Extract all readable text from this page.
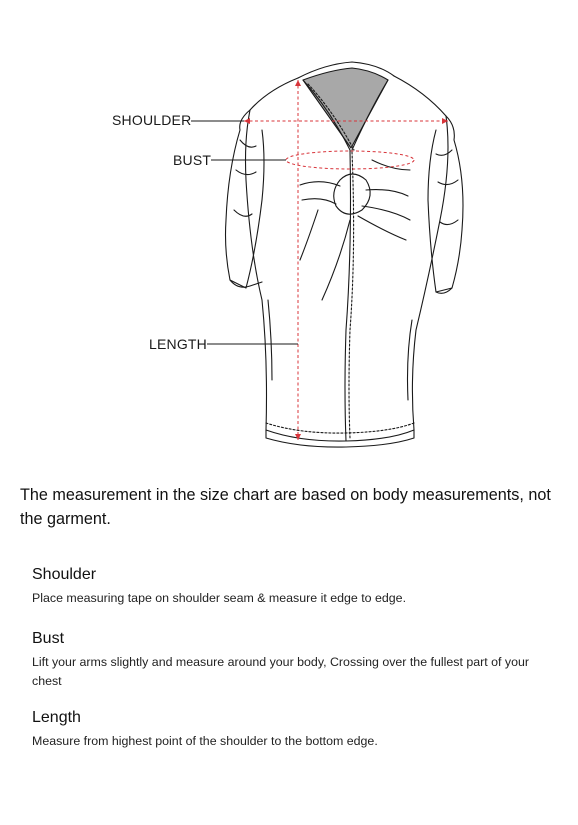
SHOULDER
BUST
LENGTH
The measurement in the size chart are based on body measurements, not the garment.
Shoulder

Place measuring tape on shoulder seam & measure it edge to edge.

Bust

Lift your arms slightly and measure around your body, Crossing over the fullest part of your chest

Length

Measure from highest point of the shoulder to the bottom edge.
